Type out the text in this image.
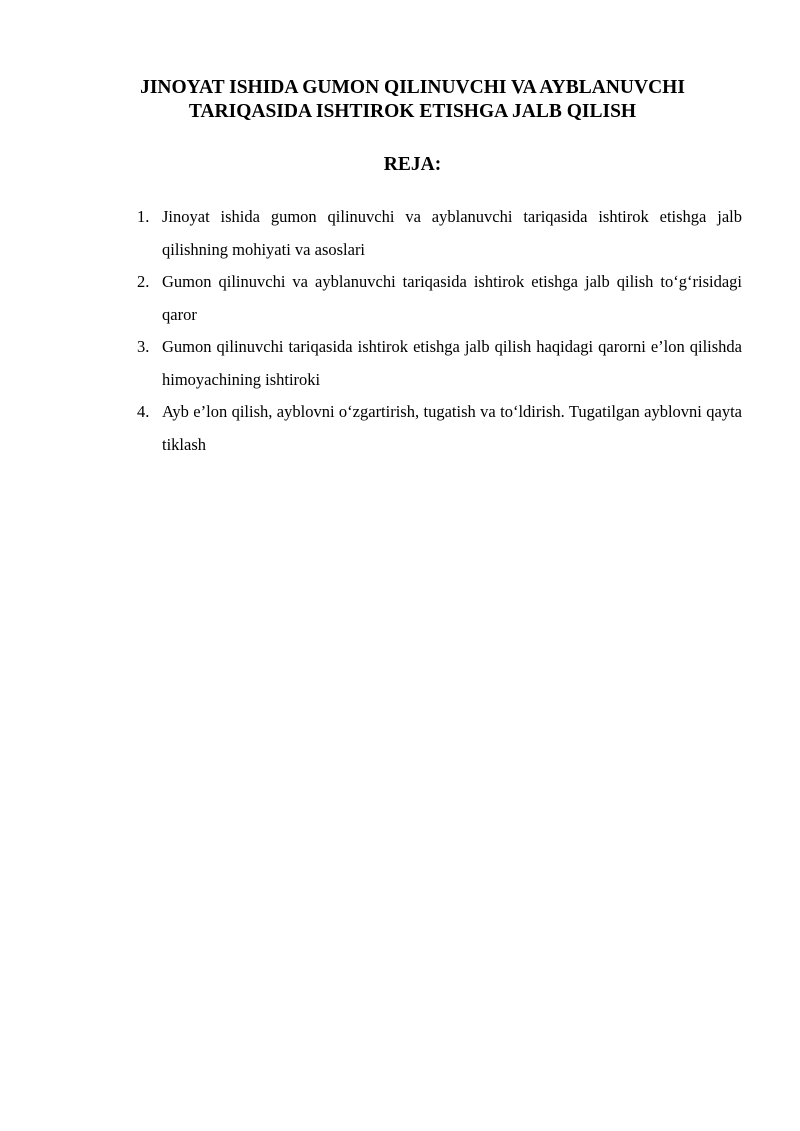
JINOYAT ISHIDA GUMON QILINUVCHI VA AYBLANUVCHI
TARIQASIDA ISHTIROK ETISHGA JALB QILISH
REJA:
1. Jinoyat ishida gumon qilinuvchi va ayblanuvchi tariqasida ishtirok etishga jalb qilishning mohiyati va asoslari
2. Gumon qilinuvchi va ayblanuvchi tariqasida ishtirok etishga jalb qilish to‘g‘risidagi qaror
3. Gumon qilinuvchi tariqasida ishtirok etishga jalb qilish haqidagi qarorni e’lon qilishda himoyachining ishtiroki
4. Ayb e’lon qilish, ayblovni o‘zgartirish, tugatish va to‘ldirish. Tugatilgan ayblovni qayta tiklash
